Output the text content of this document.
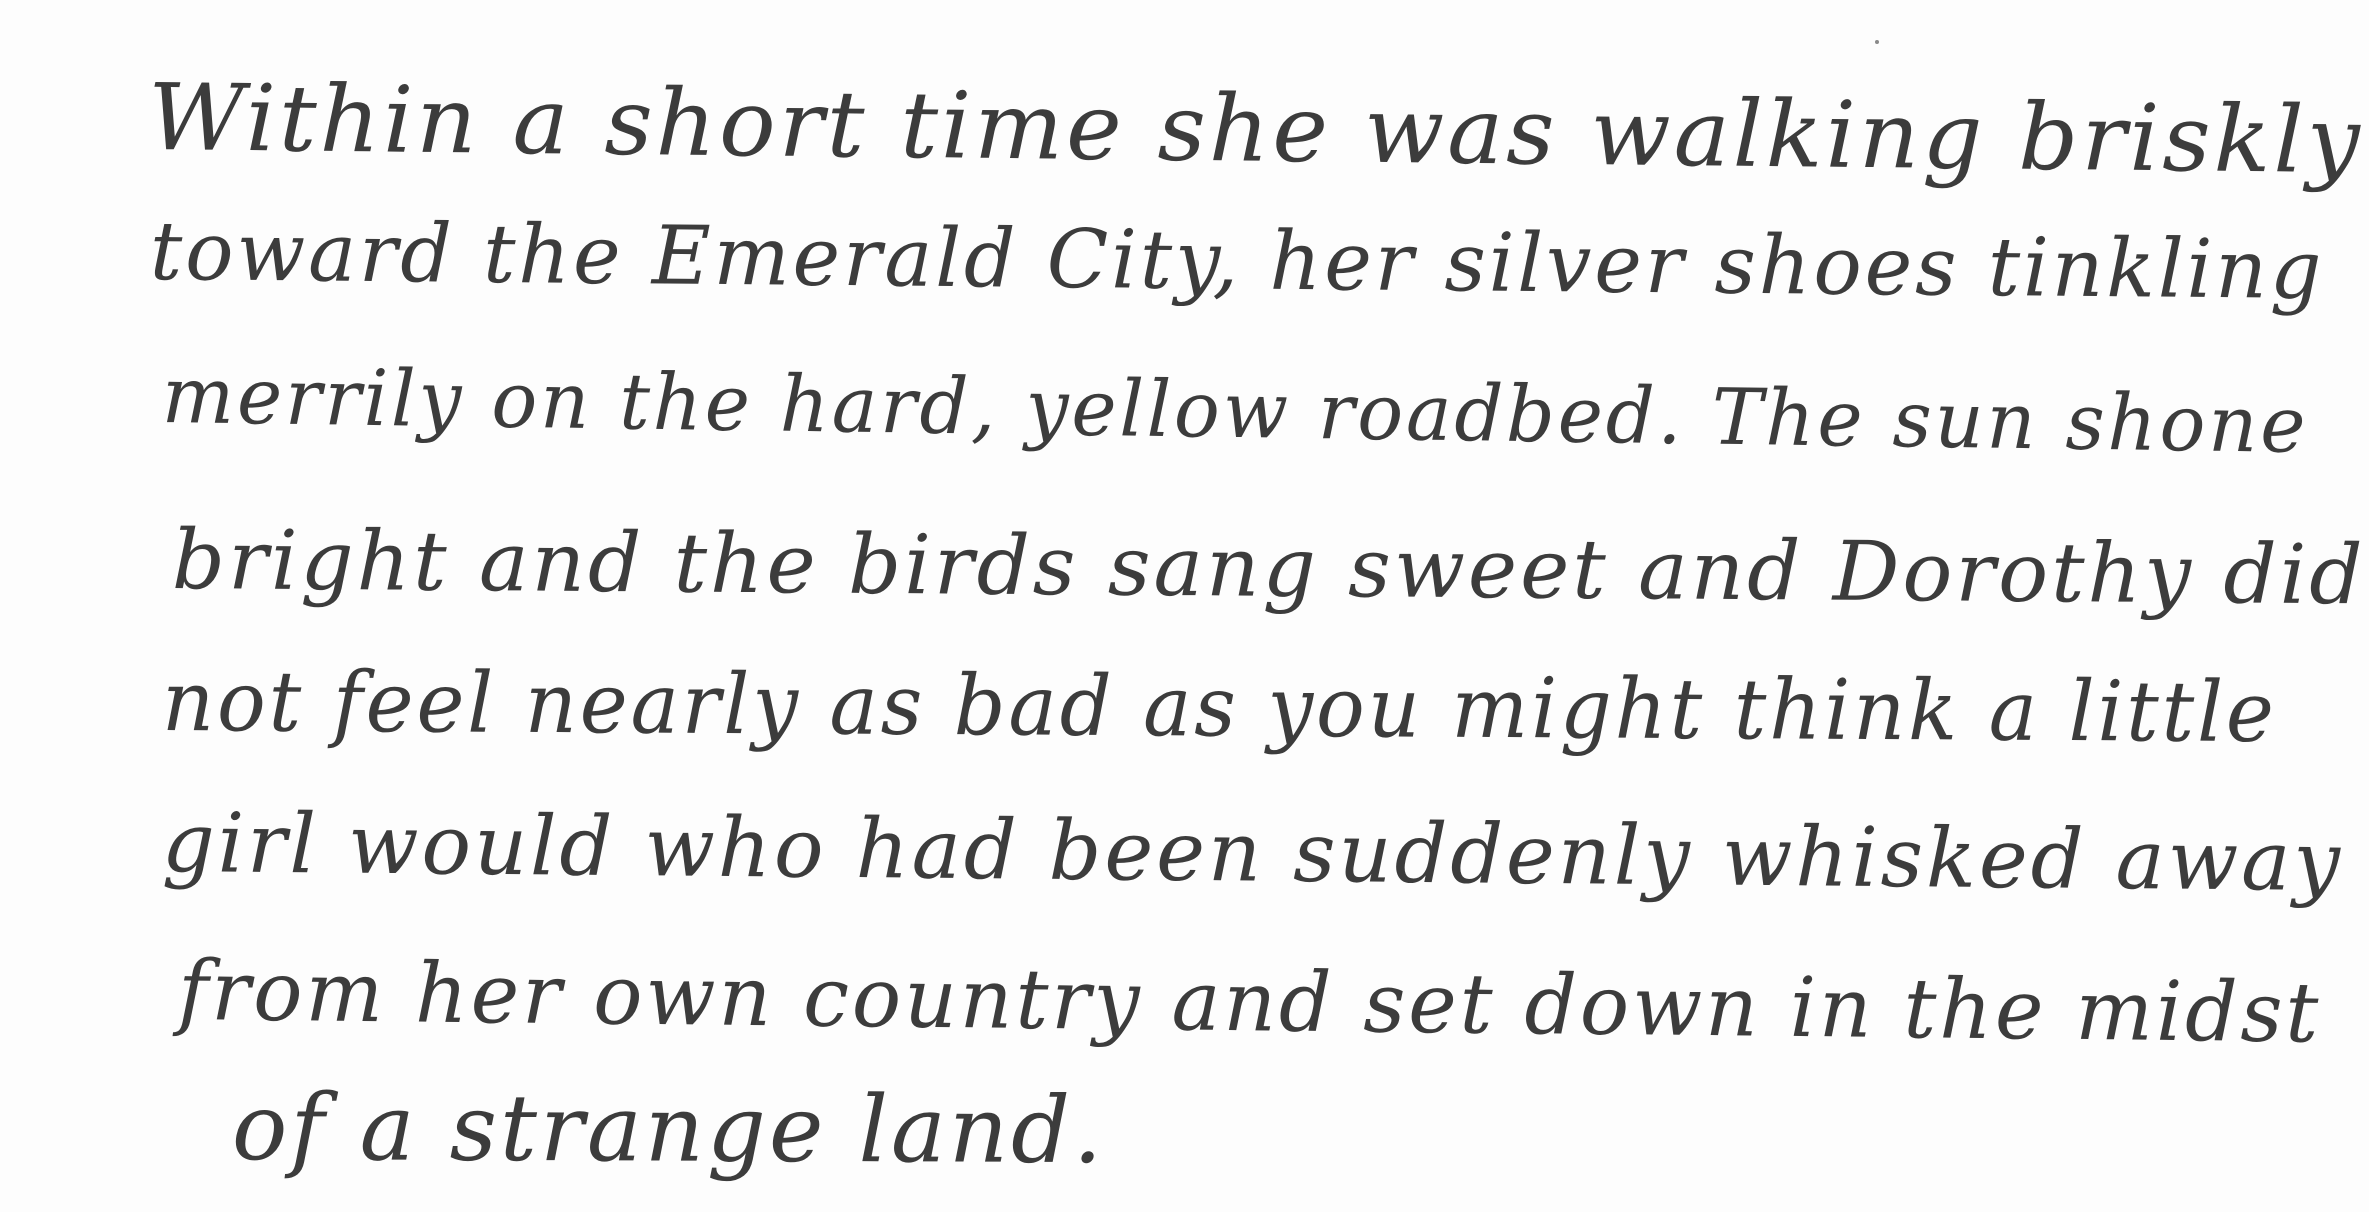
Within a short time she was walking briskly
toward the Emerald City, her silver shoes tinkling
merrily on the hard, yellow roadbed. The sun shone
bright and the birds sang sweet and Dorothy did
not feel nearly as bad as you might think a little
girl would who had been suddenly whisked away
from her own country and set down in the midst
of a strange land.
